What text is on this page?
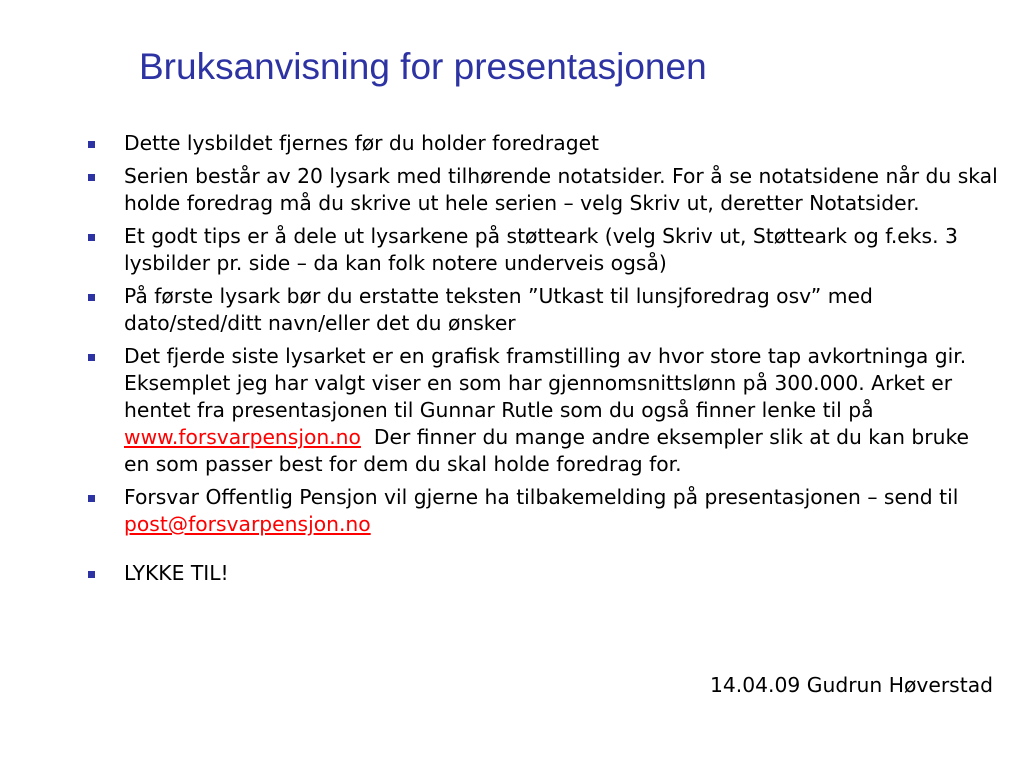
Bruksanvisning for presentasjonen
Dette lysbildet fjernes før du holder foredraget
Serien består av 20 lysark med tilhørende notatsider. For å se notatsidene når du skal holde foredrag må du skrive ut hele serien – velg Skriv ut, deretter Notatsider.
Et godt tips er å dele ut lysarkene på støtteark (velg Skriv ut, Støtteark og f.eks. 3 lysbilder pr. side – da kan folk notere underveis også)
På første lysark bør du erstatte teksten ”Utkast til lunsjforedrag osv” med dato/sted/ditt navn/eller det du ønsker
Det fjerde siste lysarket er en grafisk framstilling av hvor store tap avkortninga gir. Eksemplet jeg har valgt viser en som har gjennomsnittslønn på 300.000. Arket er hentet fra presentasjonen til Gunnar Rutle som du også finner lenke til på www.forsvarpensjon.no  Der finner du mange andre eksempler slik at du kan bruke en som passer best for dem du skal holde foredrag for.
Forsvar Offentlig Pensjon vil gjerne ha tilbakemelding på presentasjonen – send til post@forsvarpensjon.no
LYKKE TIL!

14.04.09 Gudrun Høverstad
